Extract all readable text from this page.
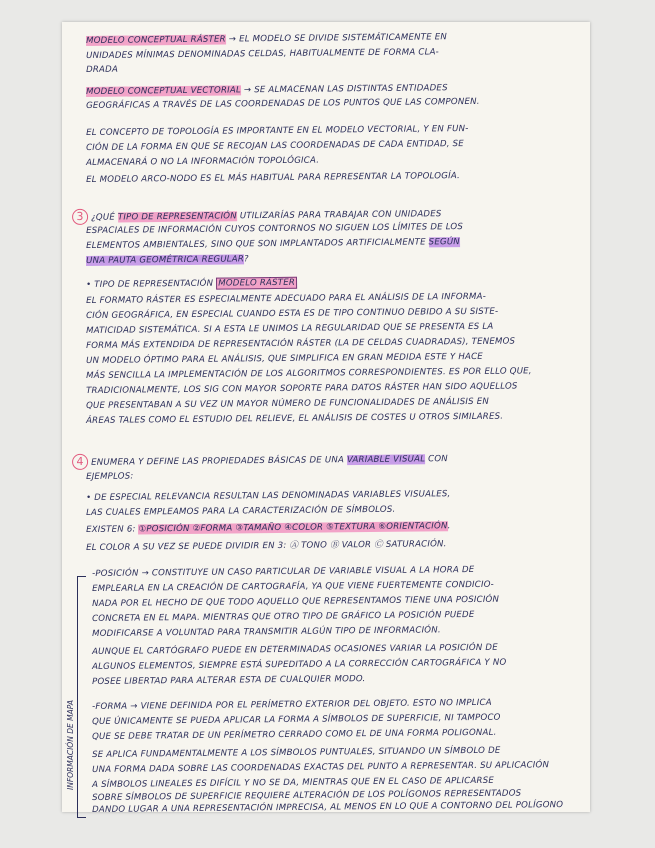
MODELO CONCEPTUAL RÁSTER → EL MODELO SE DIVIDE SISTEMÁTICAMENTE EN
UNIDADES MÍNIMAS DENOMINADAS CELDAS, HABITUALMENTE DE FORMA CLA-
DRADA
MODELO CONCEPTUAL VECTORIAL → SE ALMACENAN LAS DISTINTAS ENTIDADES
GEOGRÁFICAS A TRAVÉS DE LAS COORDENADAS DE LOS PUNTOS QUE LAS COMPONEN.
EL CONCEPTO DE TOPOLOGÍA ES IMPORTANTE EN EL MODELO VECTORIAL, Y EN FUN-
CIÓN DE LA FORMA EN QUE SE RECOJAN LAS COORDENADAS DE CADA ENTIDAD, SE
ALMACENARÁ O NO LA INFORMACIÓN TOPOLÓGICA.
EL MODELO ARCO-NODO ES EL MÁS HABITUAL PARA REPRESENTAR LA TOPOLOGÍA.
3 ¿QUÉ TIPO DE REPRESENTACIÓN UTILIZARÍAS PARA TRABAJAR CON UNIDADES
ESPACIALES DE INFORMACIÓN CUYOS CONTORNOS NO SIGUEN LOS LÍMITES DE LOS
ELEMENTOS AMBIENTALES, SINO QUE SON IMPLANTADOS ARTIFICIALMENTE SEGÚN
UNA PAUTA GEOMÉTRICA REGULAR?
• TIPO DE REPRESENTACIÓN MODELO RÁSTER
EL FORMATO RÁSTER ES ESPECIALMENTE ADECUADO PARA EL ANÁLISIS DE LA INFORMA-
CIÓN GEOGRÁFICA, EN ESPECIAL CUANDO ESTA ES DE TIPO CONTINUO DEBIDO A SU SISTE-
MATICIDAD SISTEMÁTICA. SI A ESTA LE UNIMOS LA REGULARIDAD QUE SE PRESENTA ES LA
FORMA MÁS EXTENDIDA DE REPRESENTACIÓN RÁSTER (LA DE CELDAS CUADRADAS), TENEMOS
UN MODELO ÓPTIMO PARA EL ANÁLISIS, QUE SIMPLIFICA EN GRAN MEDIDA ESTE Y HACE
MÁS SENCILLA LA IMPLEMENTACIÓN DE LOS ALGORITMOS CORRESPONDIENTES. ES POR ELLO QUE,
TRADICIONALMENTE, LOS SIG CON MAYOR SOPORTE PARA DATOS RÁSTER HAN SIDO AQUELLOS
QUE PRESENTABAN A SU VEZ UN MAYOR NÚMERO DE FUNCIONALIDADES DE ANÁLISIS EN
ÁREAS TALES COMO EL ESTUDIO DEL RELIEVE, EL ANÁLISIS DE COSTES U OTROS SIMILARES.
4 ENUMERA Y DEFINE LAS PROPIEDADES BÁSICAS DE UNA VARIABLE VISUAL CON
EJEMPLOS:
• DE ESPECIAL RELEVANCIA RESULTAN LAS DENOMINADAS VARIABLES VISUALES,
LAS CUALES EMPLEAMOS PARA LA CARACTERIZACIÓN DE SÍMBOLOS.
EXISTEN 6: ①POSICIÓN ②FORMA ③TAMAÑO ④COLOR ⑤TEXTURA ⑥ORIENTACIÓN.
EL COLOR A SU VEZ SE PUEDE DIVIDIR EN 3: Ⓐ TONO Ⓑ VALOR Ⓒ SATURACIÓN.
-POSICIÓN → CONSTITUYE UN CASO PARTICULAR DE VARIABLE VISUAL A LA HORA DE
EMPLEARLA EN LA CREACIÓN DE CARTOGRAFÍA, YA QUE VIENE FUERTEMENTE CONDICIO-
NADA POR EL HECHO DE QUE TODO AQUELLO QUE REPRESENTAMOS TIENE UNA POSICIÓN
CONCRETA EN EL MAPA. MIENTRAS QUE OTRO TIPO DE GRÁFICO LA POSICIÓN PUEDE
MODIFICARSE A VOLUNTAD PARA TRANSMITIR ALGÚN TIPO DE INFORMACIÓN.
AUNQUE EL CARTÓGRAFO PUEDE EN DETERMINADAS OCASIONES VARIAR LA POSICIÓN DE
ALGUNOS ELEMENTOS, SIEMPRE ESTÁ SUPEDITADO A LA CORRECCIÓN CARTOGRÁFICA Y NO
POSEE LIBERTAD PARA ALTERAR ESTA DE CUALQUIER MODO.
-FORMA → VIENE DEFINIDA POR EL PERÍMETRO EXTERIOR DEL OBJETO. ESTO NO IMPLICA
QUE ÚNICAMENTE SE PUEDA APLICAR LA FORMA A SÍMBOLOS DE SUPERFICIE, NI TAMPOCO
QUE SE DEBE TRATAR DE UN PERÍMETRO CERRADO COMO EL DE UNA FORMA POLIGONAL.
SE APLICA FUNDAMENTALMENTE A LOS SÍMBOLOS PUNTUALES, SITUANDO UN SÍMBOLO DE
UNA FORMA DADA SOBRE LAS COORDENADAS EXACTAS DEL PUNTO A REPRESENTAR. SU APLICACIÓN
A SÍMBOLOS LINEALES ES DIFÍCIL Y NO SE DA, MIENTRAS QUE EN EL CASO DE APLICARSE
SOBRE SÍMBOLOS DE SUPERFICIE REQUIERE ALTERACIÓN DE LOS POLÍGONOS REPRESENTADOS
DANDO LUGAR A UNA REPRESENTACIÓN IMPRECISA, AL MENOS EN LO QUE A CONTORNO DEL POLÍGONO
INFORMACIÓN DE MAPA
